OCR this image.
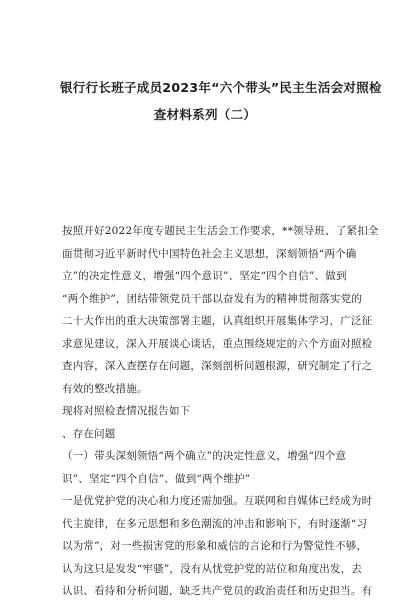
银行行长班子成员2023年“六个带头”民主生活会对照检
查材料系列（二）

按照开好2022年度专题民主生活会工作要求，**领导班、了紧扣全
面贯彻习近平新时代中国特色社会主义思想，深刻领悟“两个确
立”的决定性意义，增强“四个意识”、坚定“四个自信”、做到
“两个维护”，团结带领党员干部以奋发有为的精神贯彻落实党的
二十大作出的重大决策部署主题，认真组织开展集体学习，广泛征
求意见建议，深入开展谈心谈话，重点围绕规定的六个方面对照检
查内容，深入查摆存在问题，深刻剖析问题根源，研究制定了行之
有效的整改措施。

现将对照检查情况报告如下

、存在问题

（一）带头深刻领悟“两个确立”的决定性意义，增强“四个意
识”、坚定“四个自信”、做到“两个维护”

一是优党护党的决心和力度还需加强。互联网和自媒体已经成为时
代主旋律，在多元思想和多色潮流的冲击和影响下，有时逐渐“习
以为常”，对一些损害党的形象和威信的言论和行为警觉性不够，
认为这只是发发“牢骚”，没有从忧党护党的站位和角度出发，去
认识、看待和分析问题，缺乏共产党员的政治责任和历史担当。有
